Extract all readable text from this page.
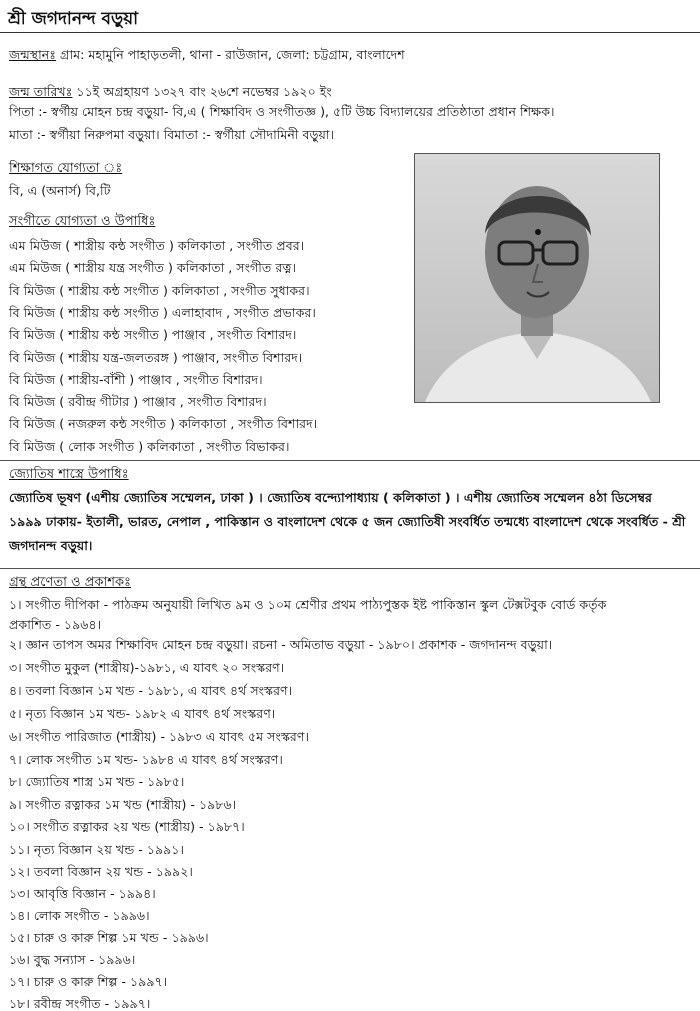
শ্রী জগদানন্দ বড়ুয়া
জন্মস্থানঃ গ্রাম: মহামুনি পাহাড়তলী, থানা - রাউজান, জেলা: চট্টগ্রাম, বাংলাদেশ
জন্ম তারিখঃ ১১ই অগ্রহায়ণ ১৩২৭ বাং ২৬শে নভেম্বর ১৯২০ ইং
পিতা :- স্বর্গীয় মোহন চন্দ্র বড়ুয়া- বি,এ ( শিক্ষাবিদ ও সংগীতজ্ঞ ), ৫টি উচ্চ বিদ্যালয়ের প্রতিষ্ঠাতা প্রধান শিক্ষক।
মাতা :- স্বর্গীয়া নিরুপমা বড়ুয়া। বিমাতা :- স্বর্গীয়া সৌদামিনী বড়ুয়া।
শিক্ষাগত যোগ্যতা ঃ
বি, এ (অনার্স) বি,টি
সংগীতে যোগ্যতা ও উপাধিঃ
এম মিউজ ( শাস্ত্রীয় কন্ঠ সংগীত ) কলিকাতা , সংগীত প্রবর।
এম মিউজ ( শাস্ত্রীয় যন্ত্র সংগীত ) কলিকাতা , সংগীত রত্ন।
বি মিউজ ( শাস্ত্রীয় কন্ঠ সংগীত ) কলিকাতা , সংগীত সুধাকর।
বি মিউজ ( শাস্ত্রীয় কন্ঠ সংগীত ) এলাহাবাদ , সংগীত প্রভাকর।
বি মিউজ ( শাস্ত্রীয় কন্ঠ সংগীত ) পাঞ্জাব , সংগীত বিশারদ।
বি মিউজ ( শাস্ত্রীয় যন্ত্র-জলতরঙ্গ ) পাঞ্জাব, সংগীত বিশারদ।
বি মিউজ ( শাস্ত্রীয়-বাঁশী ) পাঞ্জাব , সংগীত বিশারদ।
বি মিউজ ( রবীন্দ্র গীটার ) পাঞ্জাব , সংগীত বিশারদ।
বি মিউজ ( নজরুল কন্ঠ সংগীত ) কলিকাতা , সংগীত বিশারদ।
বি মিউজ ( লোক সংগীত ) কলিকাতা , সংগীত বিভাকর।
জ্যোতিষ শাস্ত্রে উপাধিঃ
জ্যোতিষ ভূষণ (এশীয় জ্যোতিষ সম্মেলন, ঢাকা ) । জ্যোতিষ বন্দ্যোপাধ্যায় ( কলিকাতা ) । এশীয় জ্যোতিষ সম্মেলন ৪ঠা ডিসেম্বর ১৯৯৯ ঢাকায়- ইতালী, ভারত, নেপাল , পাকিস্তান ও বাংলাদেশ থেকে ৫ জন জ্যোতিষী সংবর্ধিত তন্মধ্যে বাংলাদেশ থেকে সংবর্ধিত - শ্রী জগদানন্দ বড়ুয়া।
গ্রন্থ প্রণেতা ও প্রকাশকঃ
১। সংগীত দীপিকা - পাঠক্রম অনুযায়ী লিখিত ৯ম ও ১০ম শ্রেণীর প্রথম পাঠ্যপুস্তক ইষ্ট পাকিস্তান স্কুল টেক্সটবুক বোর্ড কর্তৃক
প্রকাশিত - ১৯৬৪।
২। জ্ঞান তাপস অমর শিক্ষাবিদ মোহন চন্দ্র বড়ুয়া। রচনা - অমিতাভ বড়ুয়া - ১৯৮০। প্রকাশক - জগদানন্দ বড়ুয়া।
৩। সংগীত মুকুল (শাস্ত্রীয়)-১৯৮১, এ যাবৎ ২০ সংস্করণ।
৪। তবলা বিজ্ঞান ১ম খন্ড - ১৯৮১, এ যাবৎ ৪র্থ সংস্করণ।
৫। নৃত্য বিজ্ঞান ১ম খন্ড- ১৯৮২ এ যাবৎ ৪র্থ সংস্করণ।
৬। সংগীত পারিজাত (শাস্ত্রীয়) - ১৯৮৩ এ যাবৎ ৫ম সংস্করণ।
৭। লোক সংগীত ১ম খন্ড- ১৯৮৪ এ যাবৎ ৪র্থ সংস্করণ।
৮। জ্যোতিষ শাস্ত্র ১ম খন্ড - ১৯৮৫।
৯। সংগীত রত্নাকর ১ম খন্ড (শাস্ত্রীয়) - ১৯৮৬।
১০। সংগীত রত্নাকর ২য় খন্ড (শাস্ত্রীয়) - ১৯৮৭।
১১। নৃত্য বিজ্ঞান ২য় খন্ড - ১৯৯১।
১২। তবলা বিজ্ঞান ২য় খন্ড - ১৯৯২।
১৩। আবৃত্তি বিজ্ঞান - ১৯৯৪।
১৪। লোক সংগীত - ১৯৯৬।
১৫। চারু ও কারু শিল্প ১ম খন্ড - ১৯৯৬।
১৬। বুদ্ধ সন্যাস - ১৯৯৬।
১৭। চারু ও কারু শিল্প - ১৯৯৭।
১৮। রবীন্দ্র সংগীত - ১৯৯৭।
